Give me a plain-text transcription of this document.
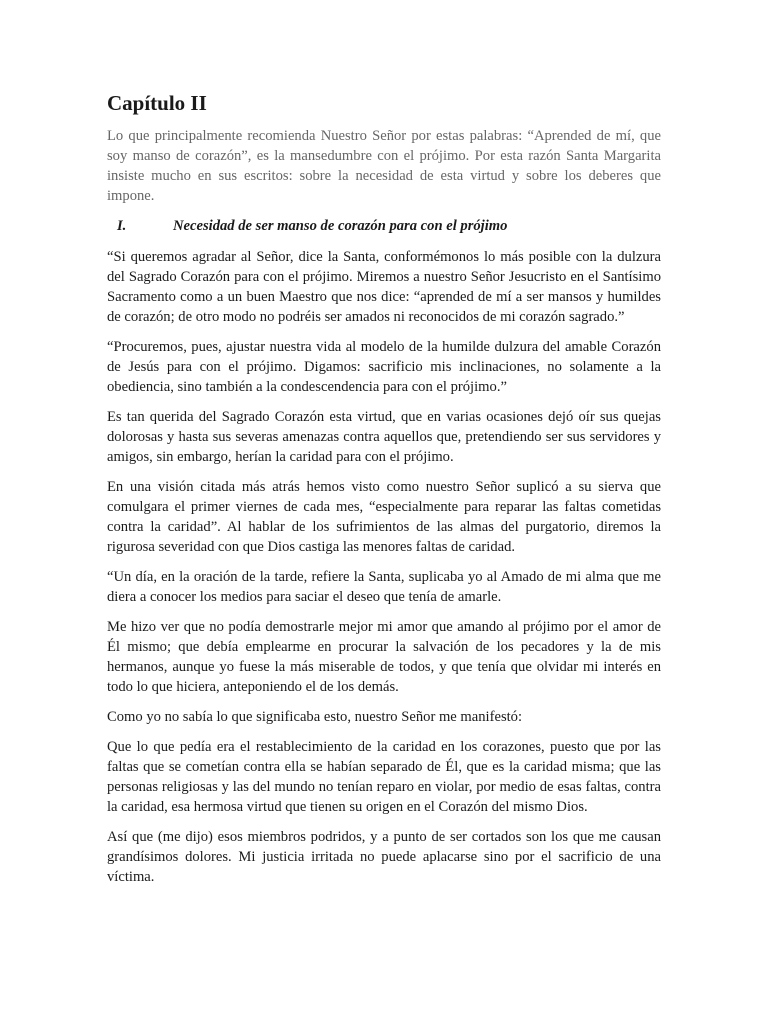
Capítulo II

Lo que principalmente recomienda Nuestro Señor por estas palabras: “Aprended de mí, que soy manso de corazón”, es la mansedumbre con el prójimo. Por esta razón Santa Margarita insiste mucho en sus escritos: sobre la necesidad de esta virtud y sobre los deberes que impone.

I.	Necesidad de ser manso de corazón para con el prójimo

“Si queremos agradar al Señor, dice la Santa, conformémonos lo más posible con la dulzura del Sagrado Corazón para con el prójimo. Miremos a nuestro Señor Jesucristo en el Santísimo Sacramento como a un buen Maestro que nos dice: “aprended de mí a ser mansos y humildes de corazón; de otro modo no podréis ser amados ni reconocidos de mi corazón sagrado.”

“Procuremos, pues, ajustar nuestra vida al modelo de la humilde dulzura del amable Corazón de Jesús para con el prójimo. Digamos: sacrificio mis inclinaciones, no solamente a la obediencia, sino también a la condescendencia para con el prójimo.”

Es tan querida del Sagrado Corazón esta virtud, que en varias ocasiones dejó oír sus quejas dolorosas y hasta sus severas amenazas contra aquellos que, pretendiendo ser sus servidores y amigos, sin embargo, herían la caridad para con el prójimo.

En una visión citada más atrás hemos visto como nuestro Señor suplicó a su sierva que comulgara el primer viernes de cada mes, “especialmente para reparar las faltas cometidas contra la caridad”. Al hablar de los sufrimientos de las almas del purgatorio, diremos la rigurosa severidad con que Dios castiga las menores faltas de caridad.

“Un día, en la oración de la tarde, refiere la Santa, suplicaba yo al Amado de mi alma que me diera a conocer los medios para saciar el deseo que tenía de amarle.

Me hizo ver que no podía demostrarle mejor mi amor que amando al prójimo por el amor de Él mismo; que debía emplearme en procurar la salvación de los pecadores y la de mis hermanos, aunque yo fuese la más miserable de todos, y que tenía que olvidar mi interés en todo lo que hiciera, anteponiendo el de los demás.

Como yo no sabía lo que significaba esto, nuestro Señor me manifestó:

Que lo que pedía era el restablecimiento de la caridad en los corazones, puesto que por las faltas que se cometían contra ella se habían separado de Él, que es la caridad misma; que las personas religiosas y las del mundo no tenían reparo en violar, por medio de esas faltas, contra la caridad, esa hermosa virtud que tienen su origen en el Corazón del mismo Dios.

Así que (me dijo) esos miembros podridos, y a punto de ser cortados son los que me causan grandísimos dolores. Mi justicia irritada no puede aplacarse sino por el sacrificio de una víctima.
